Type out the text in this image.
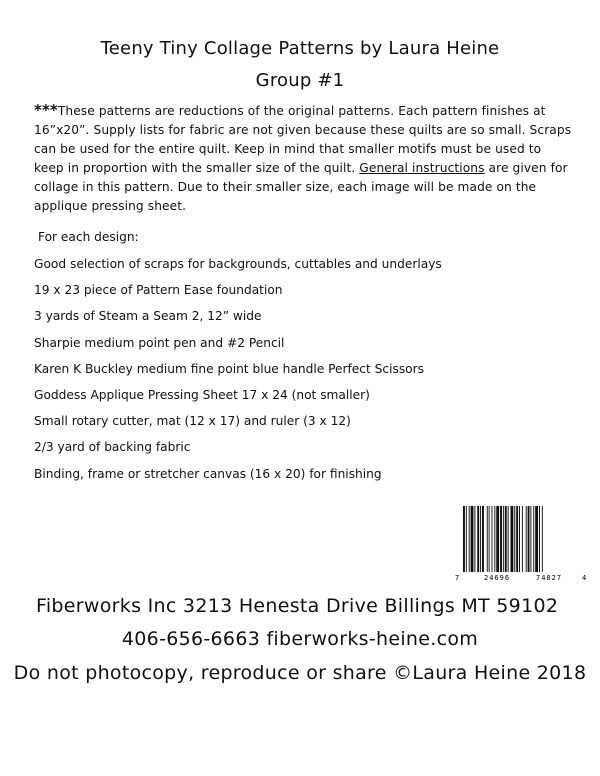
Teeny Tiny Collage Patterns by Laura Heine
Group #1
***These patterns are reductions of the original patterns. Each pattern finishes at 16”x20”. Supply lists for fabric are not given because these quilts are so small. Scraps can be used for the entire quilt. Keep in mind that smaller motifs must be used to keep in proportion with the smaller size of the quilt. General instructions are given for collage in this pattern. Due to their smaller size, each image will be made on the applique pressing sheet.
For each design:
Good selection of scraps for backgrounds, cuttables and underlays
19 x 23 piece of Pattern Ease foundation
3 yards of Steam a Seam 2, 12” wide
Sharpie medium point pen and #2 Pencil
Karen K Buckley medium fine point blue handle Perfect Scissors
Goddess Applique Pressing Sheet 17 x 24 (not smaller)
Small rotary cutter, mat (12 x 17) and ruler (3 x 12)
2/3 yard of backing fabric
Binding, frame or stretcher canvas (16 x 20) for finishing
7	24696	74827	4
Fiberworks Inc 3213 Henesta Drive Billings MT 59102
406-656-6663 fiberworks-heine.com
Do not photocopy, reproduce or share ©Laura Heine 2018
